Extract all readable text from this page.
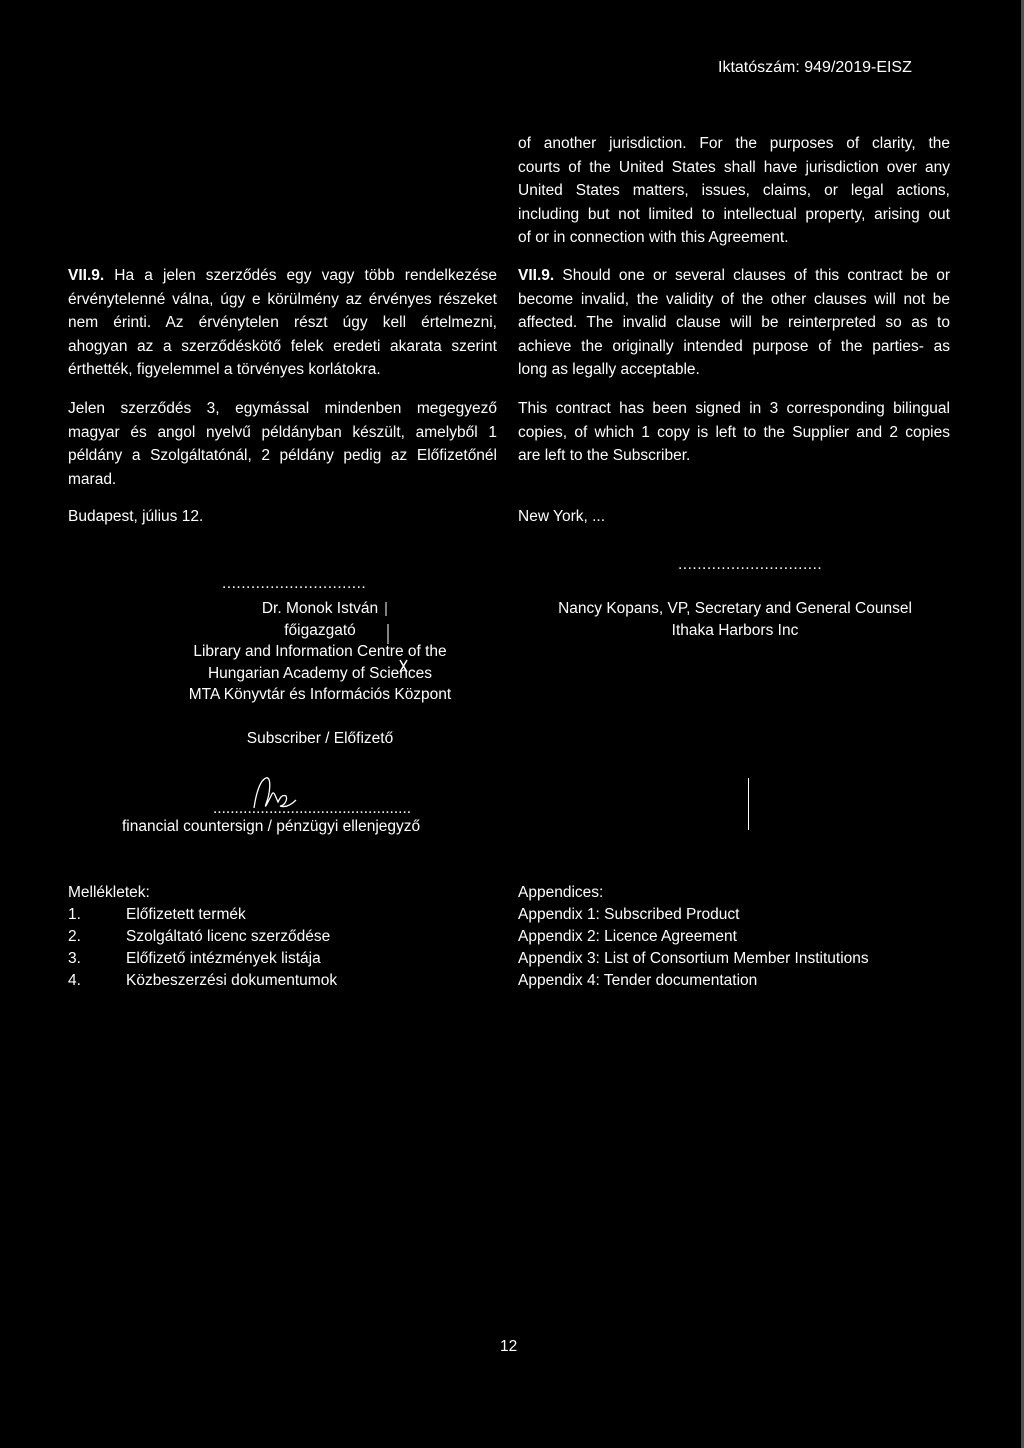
Iktatószám: 949/2019-EISZ
of another jurisdiction. For the purposes of clarity, the
courts of the United States shall have jurisdiction over any
United States matters, issues, claims, or legal actions,
including but not limited to intellectual property, arising out
of or in connection with this Agreement.
VII.9. Ha a jelen szerződés egy vagy több rendelkezése
érvénytelenné válna, úgy e körülmény az érvényes részeket
nem érinti. Az érvénytelen részt úgy kell értelmezni,
ahogyan az a szerződéskötő felek eredeti akarata szerint
érthették, figyelemmel a törvényes korlátokra.
VII.9. Should one or several clauses of this contract be or
become invalid, the validity of the other clauses will not be
affected. The invalid clause will be reinterpreted so as to
achieve the originally intended purpose of the parties- as
long as legally acceptable.
Jelen szerződés 3, egymással mindenben megegyező
magyar és angol nyelvű példányban készült, amelyből 1
példány a Szolgáltatónál, 2 példány pedig az Előfizetőnél
marad.
This contract has been signed in 3 corresponding bilingual
copies, of which 1 copy is left to the Supplier and 2 copies
are left to the Subscriber.
Budapest, július 12.	New York, ...
..............................
Dr. Monok István
főigazgató
Library and Information Centre of the
Hungarian Academy of Sciences
MTA Könyvtár és Információs Központ
Subscriber / Előfizető
..............................
Nancy Kopans, VP, Secretary and General Counsel
Ithaka Harbors Inc
..............................................
financial countersign / pénzügyi ellenjegyző
Mellékletek:
1.	Előfizetett termék
2.	Szolgáltató licenc szerződése
3.	Előfizető intézmények listája
4.	Közbeszerzési dokumentumok
Appendices:
Appendix 1: Subscribed Product
Appendix 2: Licence Agreement
Appendix 3: List of Consortium Member Institutions
Appendix 4: Tender documentation
12
